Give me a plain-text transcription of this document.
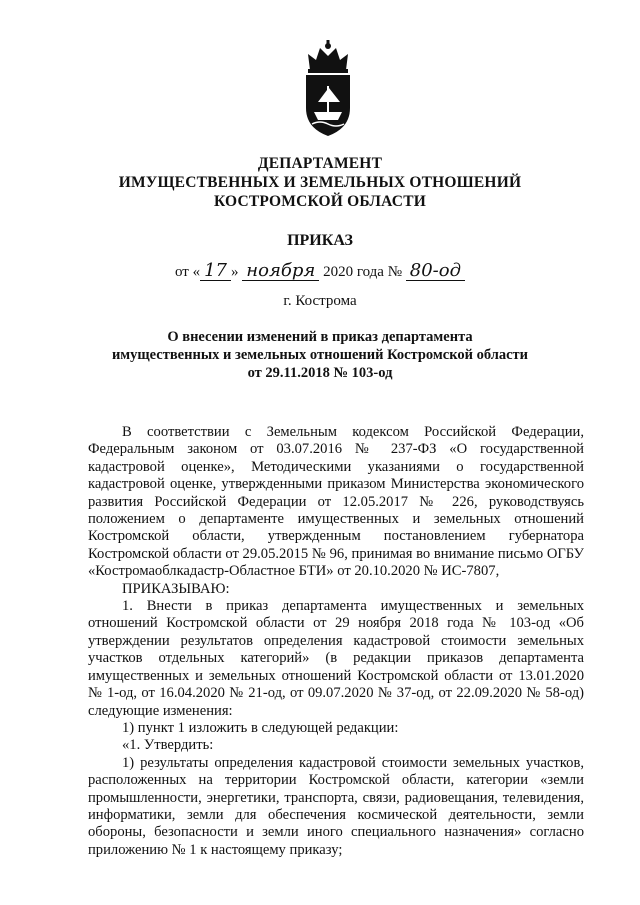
ДЕПАРТАМЕНТ
ИМУЩЕСТВЕННЫХ И ЗЕМЕЛЬНЫХ ОТНОШЕНИЙ
КОСТРОМСКОЙ ОБЛАСТИ
ПРИКАЗ
от « 17 » ноября 2020 года № 80-од
г. Кострома
О внесении изменений в приказ департамента
имущественных и земельных отношений Костромской области
от 29.11.2018 № 103-од

В соответствии с Земельным кодексом Российской Федерации, Федеральным законом от 03.07.2016 № 237-ФЗ «О государственной кадастровой оценке», Методическими указаниями о государственной кадастровой оценке, утвержденными приказом Министерства экономического развития Российской Федерации от 12.05.2017 № 226, руководствуясь положением о департаменте имущественных и земельных отношений Костромской области, утвержденным постановлением губернатора Костромской области от 29.05.2015 № 96, принимая во внимание письмо ОГБУ «Костромаоблкадастр-Областное БТИ» от 20.10.2020 № ИС-7807,

ПРИКАЗЫВАЮ:

1. Внести в приказ департамента имущественных и земельных отношений Костромской области от 29 ноября 2018 года № 103-од «Об утверждении результатов определения кадастровой стоимости земельных участков отдельных категорий» (в редакции приказов департамента имущественных и земельных отношений Костромской области от 13.01.2020 № 1-од, от 16.04.2020 № 21-од, от 09.07.2020 № 37-од, от 22.09.2020 № 58-од) следующие изменения:

1) пункт 1 изложить в следующей редакции:

«1. Утвердить:

1) результаты определения кадастровой стоимости земельных участков, расположенных на территории Костромской области, категории «земли промышленности, энергетики, транспорта, связи, радиовещания, телевидения, информатики, земли для обеспечения космической деятельности, земли обороны, безопасности и земли иного специального назначения» согласно приложению № 1 к настоящему приказу;
